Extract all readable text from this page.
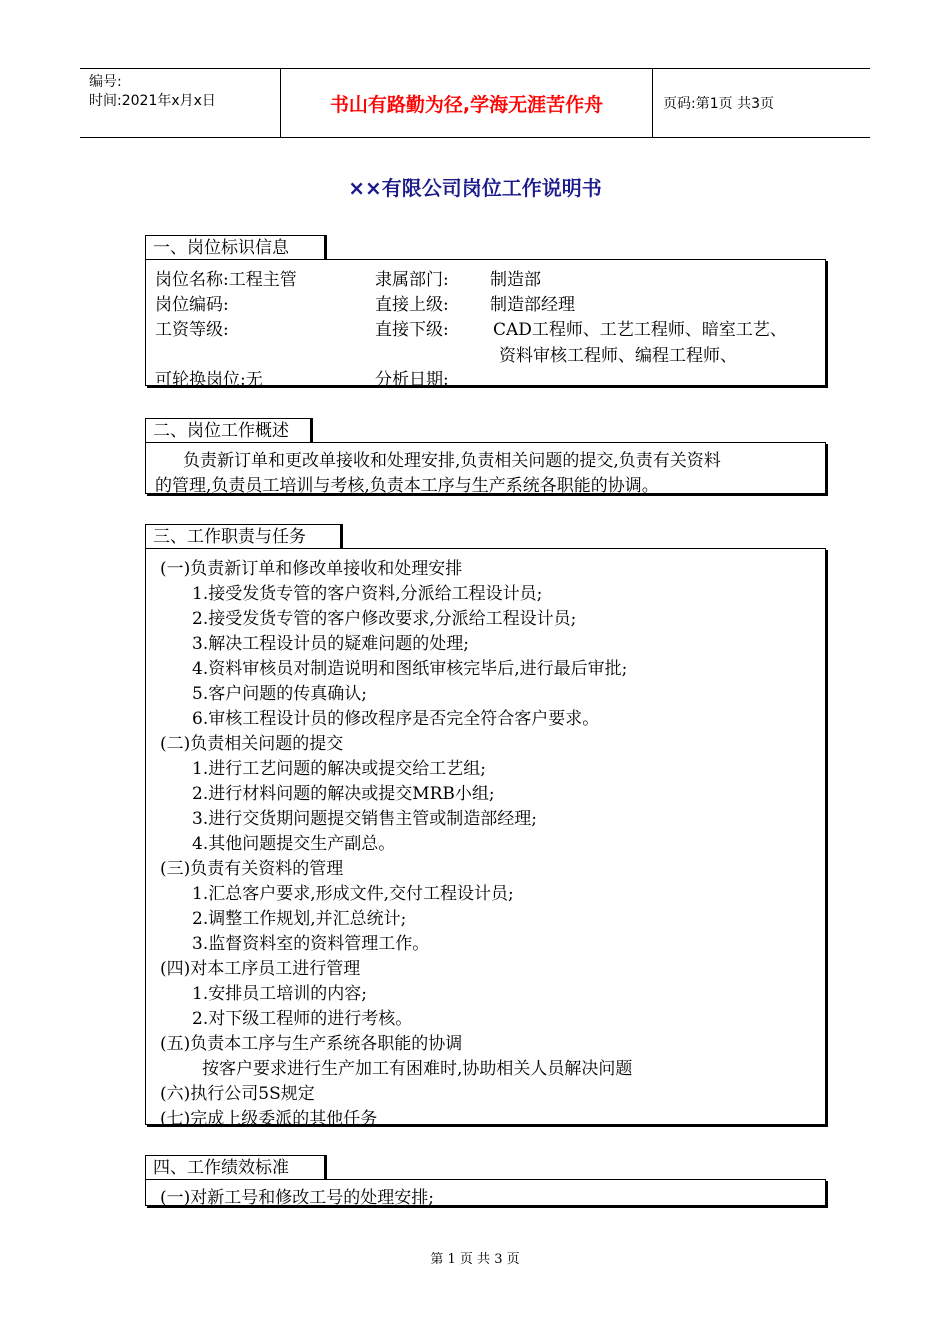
编号:
时间:2021年x月x日	书山有路勤为径,学海无涯苦作舟	页码:第1页 共3页
××有限公司岗位工作说明书
一、岗位标识信息
岗位名称:工程主管	隶属部门: 制造部
岗位编码:	直接上级: 制造部经理
工资等级:	直接下级:	CAD工程师、工艺工程师、暗室工艺、
资料审核工程师、编程工程师、
可轮换岗位:无	分析日期:
二、岗位工作概述
负责新订单和更改单接收和处理安排,负责相关问题的提交,负责有关资料
的管理,负责员工培训与考核,负责本工序与生产系统各职能的协调。
三、工作职责与任务
(一)负责新订单和修改单接收和处理安排
1.接受发货专管的客户资料,分派给工程设计员;
2.接受发货专管的客户修改要求,分派给工程设计员;
3.解决工程设计员的疑难问题的处理;
4.资料审核员对制造说明和图纸审核完毕后,进行最后审批;
5.客户问题的传真确认;
6.审核工程设计员的修改程序是否完全符合客户要求。
(二)负责相关问题的提交
1.进行工艺问题的解决或提交给工艺组;
2.进行材料问题的解决或提交MRB小组;
3.进行交货期问题提交销售主管或制造部经理;
4.其他问题提交生产副总。
(三)负责有关资料的管理
1.汇总客户要求,形成文件,交付工程设计员;
2.调整工作规划,并汇总统计;
3.监督资料室的资料管理工作。
(四)对本工序员工进行管理
1.安排员工培训的内容;
2.对下级工程师的进行考核。
(五)负责本工序与生产系统各职能的协调
按客户要求进行生产加工有困难时,协助相关人员解决问题
(六)执行公司5S规定
(七)完成上级委派的其他任务
四、工作绩效标准
(一)对新工号和修改工号的处理安排;
第 1 页 共 3 页
